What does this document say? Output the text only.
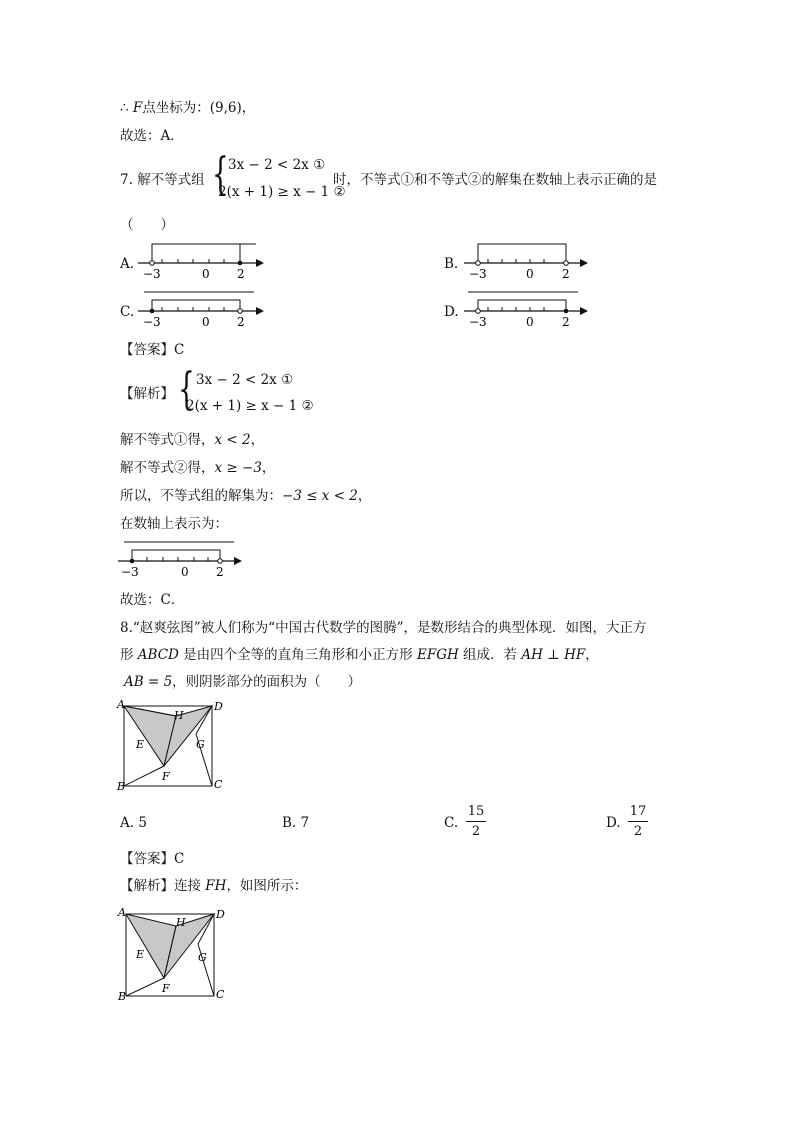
∴ F点坐标为：(9,6)，
故选：A．
7. 解不等式组 { 3x − 2 < 2x ①
2(x + 1) ≥ x − 1 ②
时，不等式①和不等式②的解集在数轴上表示正确的是
（　　）
A.
−3	0 2
B.
−3	0 2
C.
−3	0 2
D.
−3	0 2
【答案】C
【解析】 { 3x − 2 < 2x ①
2(x + 1) ≥ x − 1 ②
解不等式①得，x < 2，
解不等式②得，x ≥ −3，
所以，不等式组的解集为：−3 ≤ x < 2，
在数轴上表示为：
−3	0 2
故选：C．
8.“赵爽弦图”被人们称为“中国古代数学的图腾”，是数形结合的典型体现．如图，大正方
形 ABCD 是由四个全等的直角三角形和小正方形 EFGH 组成．若 AH ⊥ HF，
AB = 5，则阴影部分的面积为（　　）
A	D
B	C
H
E	G
F
A. 5	B. 7	C.
15
2
D.
17
2
【答案】C
【解析】连接 FH，如图所示：
A	D
B	C
H
E	G
F
